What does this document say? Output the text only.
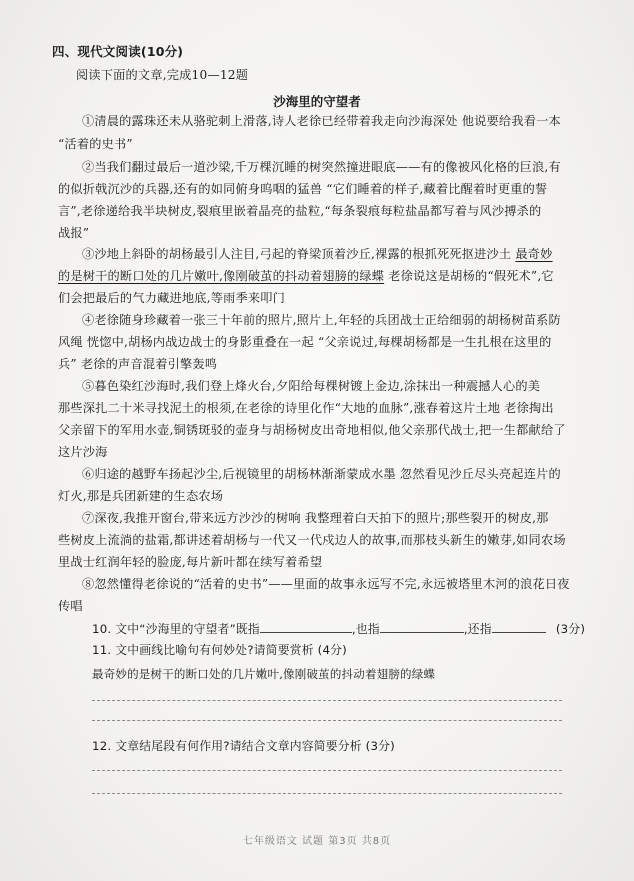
四、现代文阅读(10分)
阅读下面的文章,完成10—12题
沙海里的守望者
①清晨的露珠还未从骆驼刺上滑落,诗人老徐已经带着我走向沙海深处 他说要给我看一本
“活着的史书”
②当我们翻过最后一道沙梁,千万棵沉睡的树突然撞进眼底——有的像被风化格的巨浪,有
的似折戟沉沙的兵器,还有的如同俯身呜咽的猛兽 “它们睡着的样子,藏着比醒着时更重的誓
言”,老徐递给我半块树皮,裂痕里嵌着晶亮的盐粒,“每条裂痕每粒盐晶都写着与风沙搏杀的
战报”
③沙地上斜卧的胡杨最引人注目,弓起的脊梁顶着沙丘,裸露的根抓死死抠进沙土 最奇妙
的是树干的断口处的几片嫩叶,像刚破茧的抖动着翅膀的绿蝶 老徐说这是胡杨的“假死术”,它
们会把最后的气力藏进地底,等雨季来叩门
④老徐随身珍藏着一张三十年前的照片,照片上,年轻的兵团战士正给细弱的胡杨树苗系防
风绳 恍惚中,胡杨内战边战士的身影重叠在一起 “父亲说过,每棵胡杨都是一生扎根在这里的
兵” 老徐的声音混着引擎轰鸣
⑤暮色染红沙海时,我们登上烽火台,夕阳给每棵树镀上金边,涂抹出一种震撼人心的美
那些深扎二十米寻找泥土的根须,在老徐的诗里化作“大地的血脉”,涨春着这片土地 老徐掏出
父亲留下的军用水壶,铜锈斑驳的壶身与胡杨树皮出奇地相似,他父亲那代战士,把一生都献给了
这片沙海
⑥归途的越野车扬起沙尘,后视镜里的胡杨林渐渐蒙成水墨 忽然看见沙丘尽头亮起连片的
灯火,那是兵团新建的生态农场
⑦深夜,我推开窗台,带来远方沙沙的树响 我整理着白天拍下的照片;那些裂开的树皮,那
些树皮上流淌的盐霜,都讲述着胡杨与一代又一代戍边人的故事,而那枝头新生的嫩芽,如同农场
里战士红润年轻的脸庞,每片新叶都在续写着希望
⑧忽然懂得老徐说的“活着的史书”——里面的故事永远写不完,永远被塔里木河的浪花日夜
传唱
10. 文中“沙海里的守望者”既指	,也指	,还指	(3分)
11. 文中画线比喻句有何妙处?请简要赏析 (4分)
最奇妙的是树干的断口处的几片嫩叶,像刚破茧的抖动着翅膀的绿蝶
12. 文章结尾段有何作用?请结合文章内容简要分析 (3分)
七年级语文 试题 第3页 共8页
